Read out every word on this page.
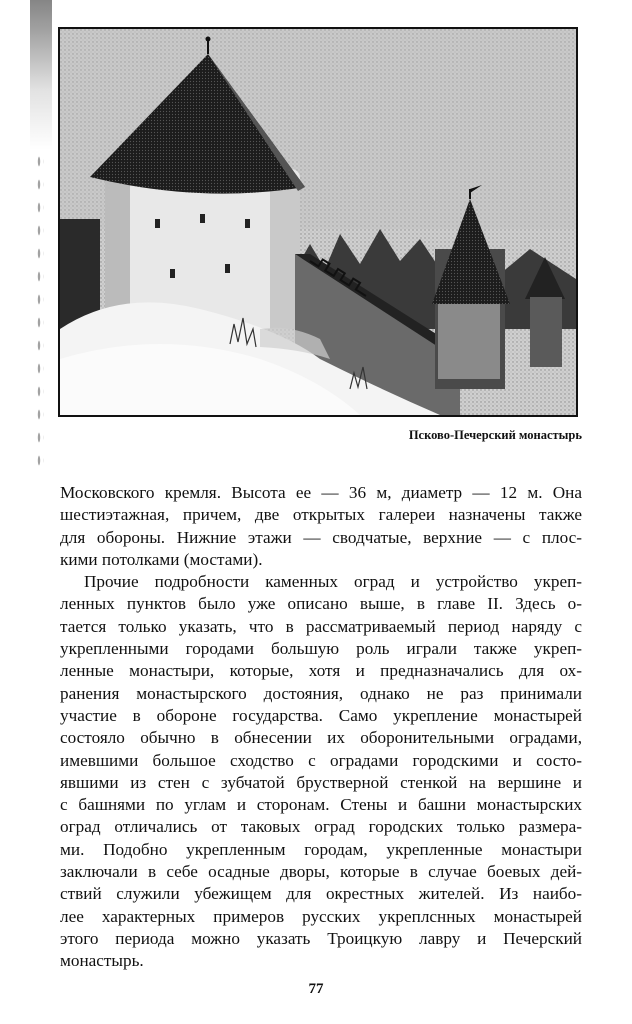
Псково-Печерский монастырь
Московского кремля. Высота ее — 36 м, диаметр — 12 м. Она
шестиэтажная, причем, две открытых галереи назначены также
для обороны. Нижние этажи — сводчатые, верхние — с плос-
кими потолками (мостами).
Прочие подробности каменных оград и устройство укреп-
ленных пунктов было уже описано выше, в главе II. Здесь о-
тается только указать, что в рассматриваемый период наряду с
укрепленными городами большую роль играли также укреп-
ленные монастыри, которые, хотя и предназначались для ох-
ранения монастырского достояния, однако не раз принимали
участие в обороне государства. Само укрепление монастырей
состояло обычно в обнесении их оборонительными оградами,
имевшими большое сходство с оградами городскими и состо-
явшими из стен с зубчатой брустверной стенкой на вершине и
с башнями по углам и сторонам. Стены и башни монастырских
оград отличались от таковых оград городских только размера-
ми. Подобно укрепленным городам, укрепленные монастыри
заключали в себе осадные дворы, которые в случае боевых дей-
ствий служили убежищем для окрестных жителей. Из наибо-
лее характерных примеров русских укреплснных монастырей
этого периода можно указать Троицкую лавру и Печерский
монастырь.
77
